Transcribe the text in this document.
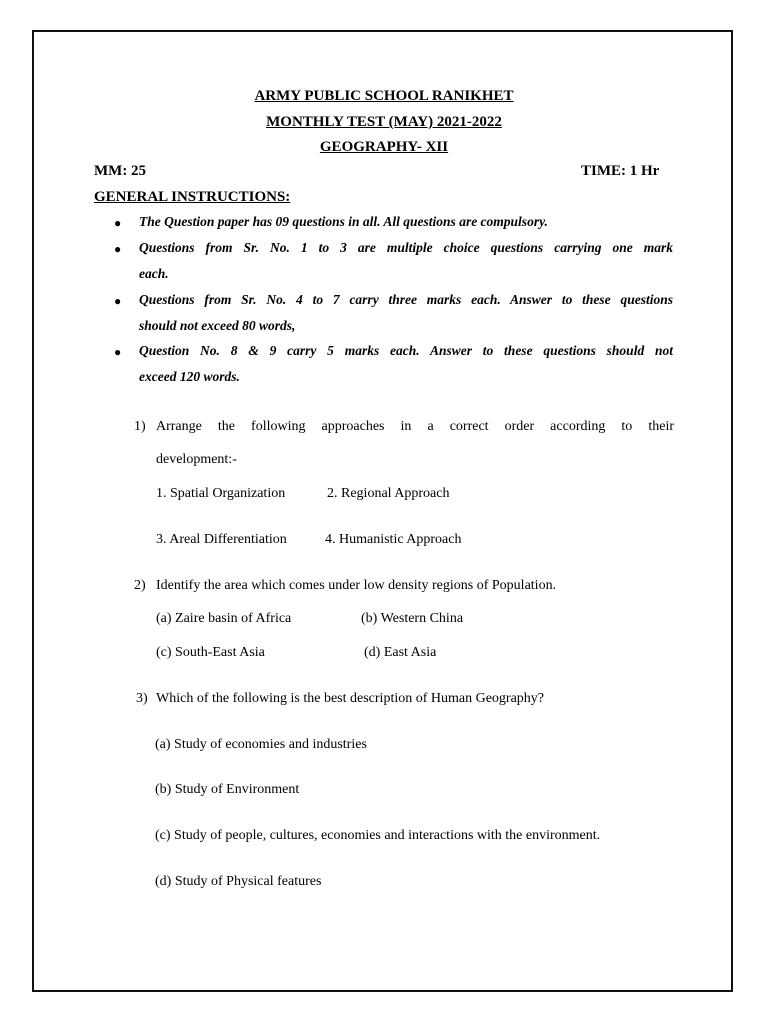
ARMY PUBLIC SCHOOL RANIKHET
MONTHLY TEST (MAY) 2021-2022
GEOGRAPHY- XII
MM: 25	TIME: 1 Hr
GENERAL INSTRUCTIONS:
● The Question paper has 09 questions in all. All questions are compulsory.
● Questions from Sr. No. 1 to 3 are multiple choice questions carrying one mark
each.
● Questions from Sr. No. 4 to 7 carry three marks each. Answer to these questions
should not exceed 80 words,
● Question No. 8 & 9 carry 5 marks each. Answer to these questions should not
exceed 120 words.
1) Arrange the following approaches in a correct order according to their
development:-
1. Spatial Organization	2. Regional Approach
3. Areal Differentiation	4. Humanistic Approach
2) Identify the area which comes under low density regions of Population.
(a) Zaire basin of Africa	(b) Western China
(c) South-East Asia	(d) East Asia
3) Which of the following is the best description of Human Geography?
(a) Study of economies and industries
(b) Study of Environment
(c) Study of people, cultures, economies and interactions with the environment.
(d) Study of Physical features
